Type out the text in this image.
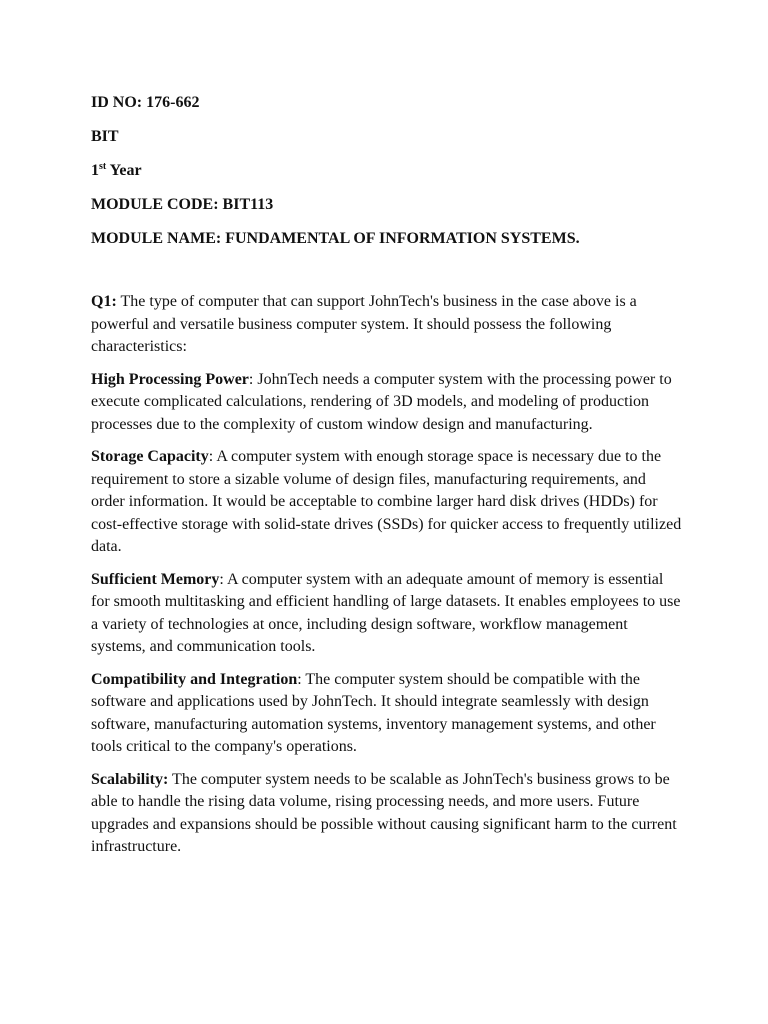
ID NO: 176-662
BIT
1st Year
MODULE CODE: BIT113
MODULE NAME: FUNDAMENTAL OF INFORMATION SYSTEMS.

Q1: The type of computer that can support JohnTech's business in the case above is a powerful and versatile business computer system. It should possess the following characteristics:

High Processing Power: JohnTech needs a computer system with the processing power to execute complicated calculations, rendering of 3D models, and modeling of production processes due to the complexity of custom window design and manufacturing.

Storage Capacity: A computer system with enough storage space is necessary due to the requirement to store a sizable volume of design files, manufacturing requirements, and order information. It would be acceptable to combine larger hard disk drives (HDDs) for cost-effective storage with solid-state drives (SSDs) for quicker access to frequently utilized data.

Sufficient Memory: A computer system with an adequate amount of memory is essential for smooth multitasking and efficient handling of large datasets. It enables employees to use a variety of technologies at once, including design software, workflow management systems, and communication tools.

Compatibility and Integration: The computer system should be compatible with the software and applications used by JohnTech. It should integrate seamlessly with design software, manufacturing automation systems, inventory management systems, and other tools critical to the company's operations.

Scalability: The computer system needs to be scalable as JohnTech's business grows to be able to handle the rising data volume, rising processing needs, and more users. Future upgrades and expansions should be possible without causing significant harm to the current infrastructure.
